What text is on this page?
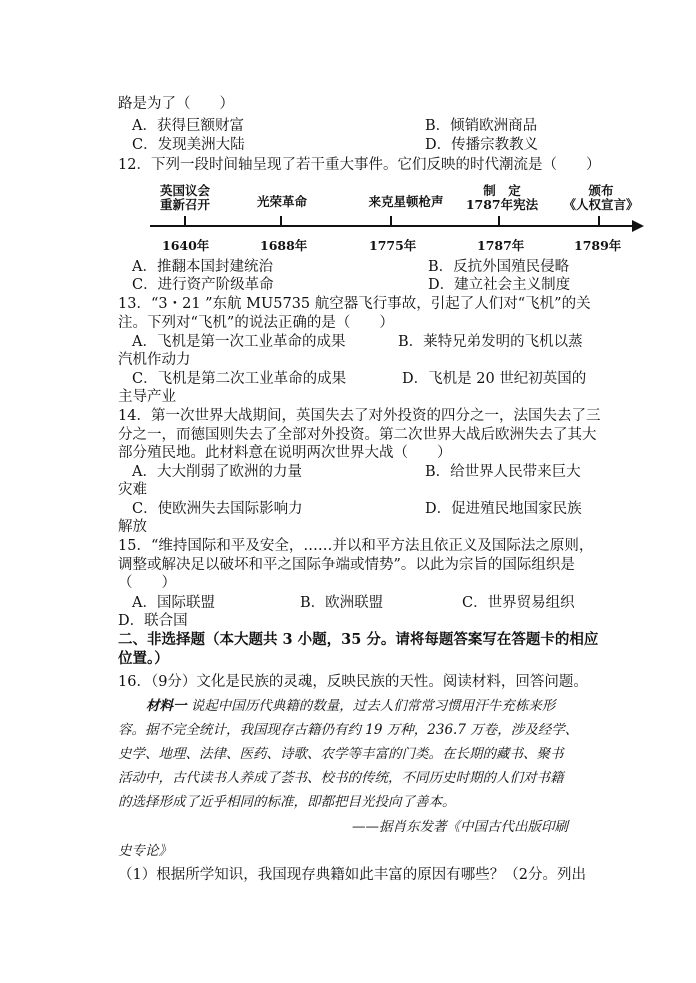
路是为了（　　）
A．获得巨额财富	B．倾销欧洲商品
C．发现美洲大陆	D．传播宗教教义
12．下列一段时间轴呈现了若干重大事件。它们反映的时代潮流是（　　）
英国议会
重新召开	光荣革命	来克星顿枪声
制　定
1787年宪法
颁布
《人权宣言》
1640年	1688年	1775年	1787年	1789年
A．推翻本国封建统治	B．反抗外国殖民侵略
C．进行资产阶级革命	D．建立社会主义制度
13．“3・21 ”东航 MU5735 航空器飞行事故，引起了人们对“飞机”的关
注。下列对“飞机”的说法正确的是（　　）
A．飞机是第一次工业革命的成果	B．莱特兄弟发明的飞机以蒸
汽机作动力
C．飞机是第二次工业革命的成果	D．飞机是 20 世纪初英国的
主导产业
14．第一次世界大战期间，英国失去了对外投资的四分之一，法国失去了三
分之一，而德国则失去了全部对外投资。第二次世界大战后欧洲失去了其大
部分殖民地。此材料意在说明两次世界大战（　　）
A．大大削弱了欧洲的力量	B．给世界人民带来巨大
灾难
C．使欧洲失去国际影响力	D．促进殖民地国家民族
解放
15．“维持国际和平及安全，……并以和平方法且依正义及国际法之原则，
调整或解决足以破坏和平之国际争端或情势”。以此为宗旨的国际组织是
（　　）
A．国际联盟	B．欧洲联盟	C．世界贸易组织
D．联合国
二、非选择题（本大题共 3 小题，35 分。请将每题答案写在答题卡的相应
位置。）
16．（9分）文化是民族的灵魂，反映民族的天性。阅读材料，回答问题。
材料一 说起中国历代典籍的数量，过去人们常常习惯用汗牛充栋来形
容。据不完全统计，我国现存古籍仍有约 19 万种，236.7 万卷，涉及经学、
史学、地理、法律、医药、诗歌、农学等丰富的门类。在长期的藏书、聚书
活动中，古代读书人养成了荟书、校书的传统，不同历史时期的人们对书籍
的选择形成了近乎相同的标准，即都把目光投向了善本。
——据肖东发著《中国古代出版印刷
史专论》
（1）根据所学知识，我国现存典籍如此丰富的原因有哪些？（2分。列出
